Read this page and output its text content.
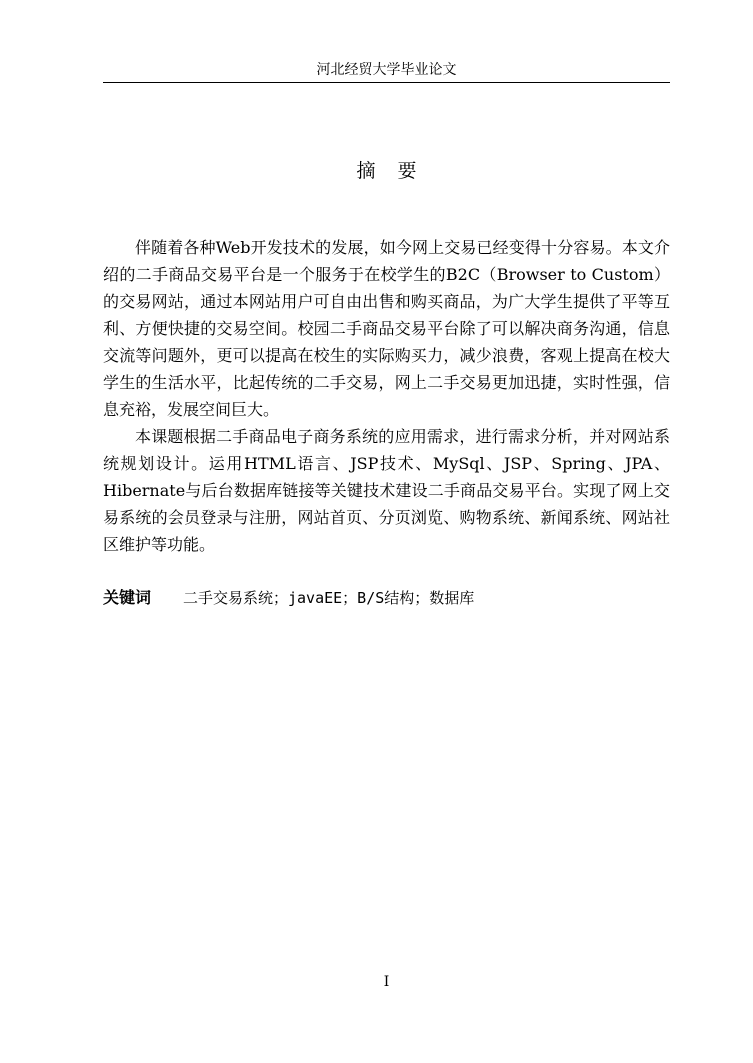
河北经贸大学毕业论文
摘要

伴随着各种Web开发技术的发展，如今网上交易已经变得十分容易。本文介绍的二手商品交易平台是一个服务于在校学生的B2C（Browser to Custom）的交易网站，通过本网站用户可自由出售和购买商品，为广大学生提供了平等互利、方便快捷的交易空间。校园二手商品交易平台除了可以解决商务沟通，信息交流等问题外，更可以提高在校生的实际购买力，减少浪费，客观上提高在校大学生的生活水平，比起传统的二手交易，网上二手交易更加迅捷，实时性强，信息充裕，发展空间巨大。

本课题根据二手商品电子商务系统的应用需求，进行需求分析，并对网站系统规划设计。运用HTML语言、JSP技术、MySql、JSP、Spring、JPA、Hibernate与后台数据库链接等关键技术建设二手商品交易平台。实现了网上交易系统的会员登录与注册，网站首页、分页浏览、购物系统、新闻系统、网站社区维护等功能。

关键词 二手交易系统；javaEE；B/S结构；数据库
I
